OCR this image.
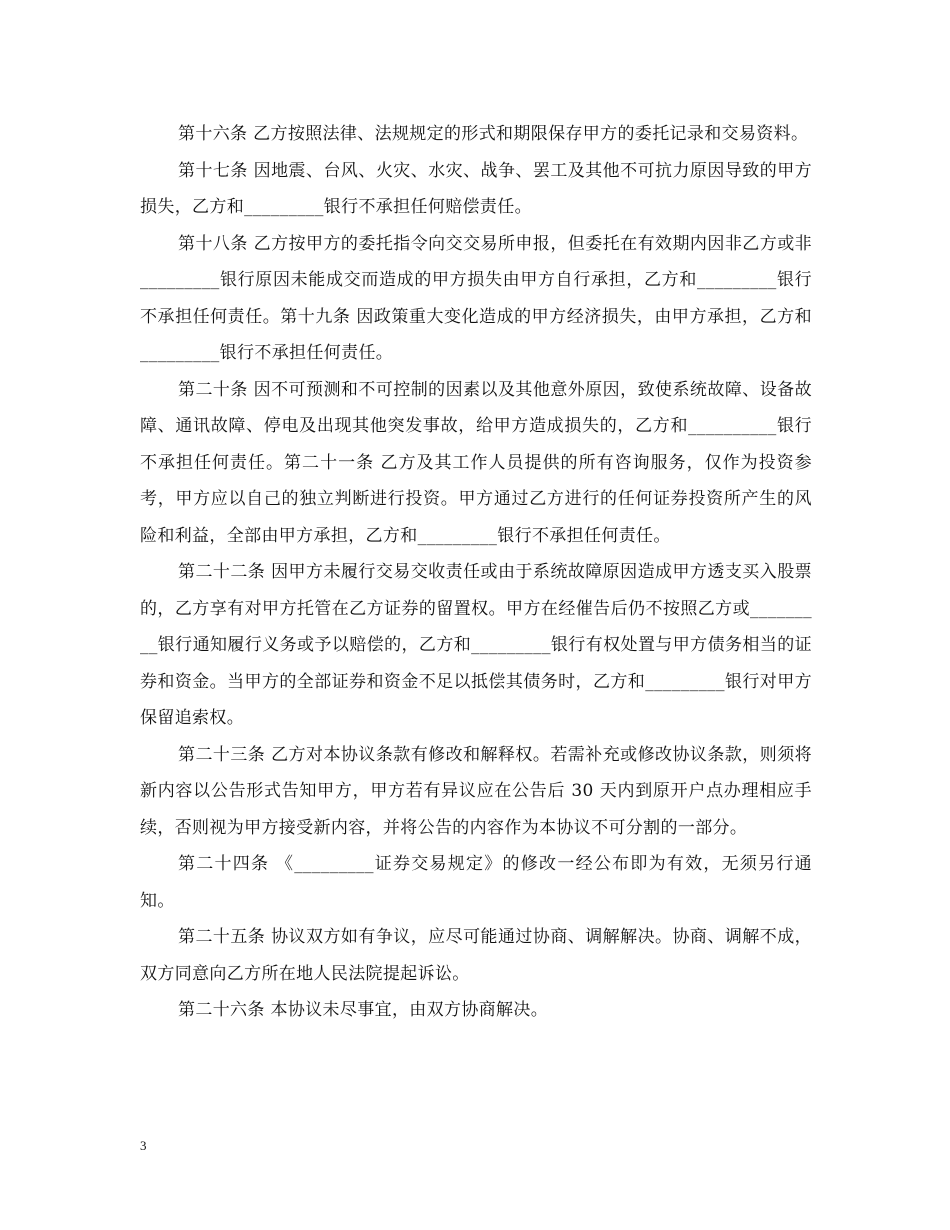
第十六条 乙方按照法律、法规规定的形式和期限保存甲方的委托记录和交易资料。

第十七条 因地震、台风、火灾、水灾、战争、罢工及其他不可抗力原因导致的甲方损失，乙方和_________银行不承担任何赔偿责任。

第十八条 乙方按甲方的委托指令向交交易所申报，但委托在有效期内因非乙方或非_________银行原因未能成交而造成的甲方损失由甲方自行承担，乙方和_________银行不承担任何责任。第十九条 因政策重大变化造成的甲方经济损失，由甲方承担，乙方和_________银行不承担任何责任。

第二十条 因不可预测和不可控制的因素以及其他意外原因，致使系统故障、设备故障、通讯故障、停电及出现其他突发事故，给甲方造成损失的，乙方和__________银行不承担任何责任。第二十一条 乙方及其工作人员提供的所有咨询服务，仅作为投资参考，甲方应以自己的独立判断进行投资。甲方通过乙方进行的任何证券投资所产生的风险和利益，全部由甲方承担，乙方和_________银行不承担任何责任。

第二十二条 因甲方未履行交易交收责任或由于系统故障原因造成甲方透支买入股票的，乙方享有对甲方托管在乙方证券的留置权。甲方在经催告后仍不按照乙方或_________银行通知履行义务或予以赔偿的，乙方和_________银行有权处置与甲方债务相当的证券和资金。当甲方的全部证券和资金不足以抵偿其债务时，乙方和_________银行对甲方保留追索权。

第二十三条 乙方对本协议条款有修改和解释权。若需补充或修改协议条款，则须将新内容以公告形式告知甲方，甲方若有异议应在公告后 30 天内到原开户点办理相应手续，否则视为甲方接受新内容，并将公告的内容作为本协议不可分割的一部分。

第二十四条 《_________证券交易规定》的修改一经公布即为有效，无须另行通知。

第二十五条 协议双方如有争议，应尽可能通过协商、调解解决。协商、调解不成，双方同意向乙方所在地人民法院提起诉讼。

第二十六条 本协议未尽事宜，由双方协商解决。

3
